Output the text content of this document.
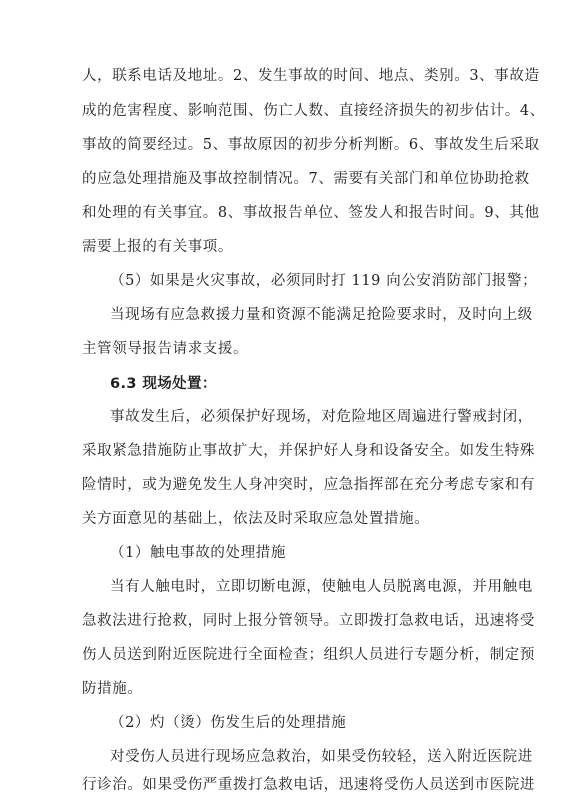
人，联系电话及地址。2、发生事故的时间、地点、类别。3、事故造
成的危害程度、影响范围、伤亡人数、直接经济损失的初步估计。4、
事故的简要经过。5、事故原因的初步分析判断。6、事故发生后采取
的应急处理措施及事故控制情况。7、需要有关部门和单位协助抢救
和处理的有关事宜。8、事故报告单位、签发人和报告时间。9、其他
需要上报的有关事项。
（5）如果是火灾事故，必须同时打 119 向公安消防部门报警；
当现场有应急救援力量和资源不能满足抢险要求时，及时向上级
主管领导报告请求支援。
6.3 现场处置：
事故发生后，必须保护好现场，对危险地区周遍进行警戒封闭，
采取紧急措施防止事故扩大，并保护好人身和设备安全。如发生特殊
险情时，或为避免发生人身冲突时，应急指挥部在充分考虑专家和有
关方面意见的基础上，依法及时采取应急处置措施。
（1）触电事故的处理措施
当有人触电时，立即切断电源，使触电人员脱离电源，并用触电
急救法进行抢救，同时上报分管领导。立即拨打急救电话，迅速将受
伤人员送到附近医院进行全面检查；组织人员进行专题分析，制定预
防措施。
（2）灼（烫）伤发生后的处理措施
对受伤人员进行现场应急救治，如果受伤较轻，送入附近医院进
行诊治。如果受伤严重拨打急救电话，迅速将受伤人员送到市医院进
